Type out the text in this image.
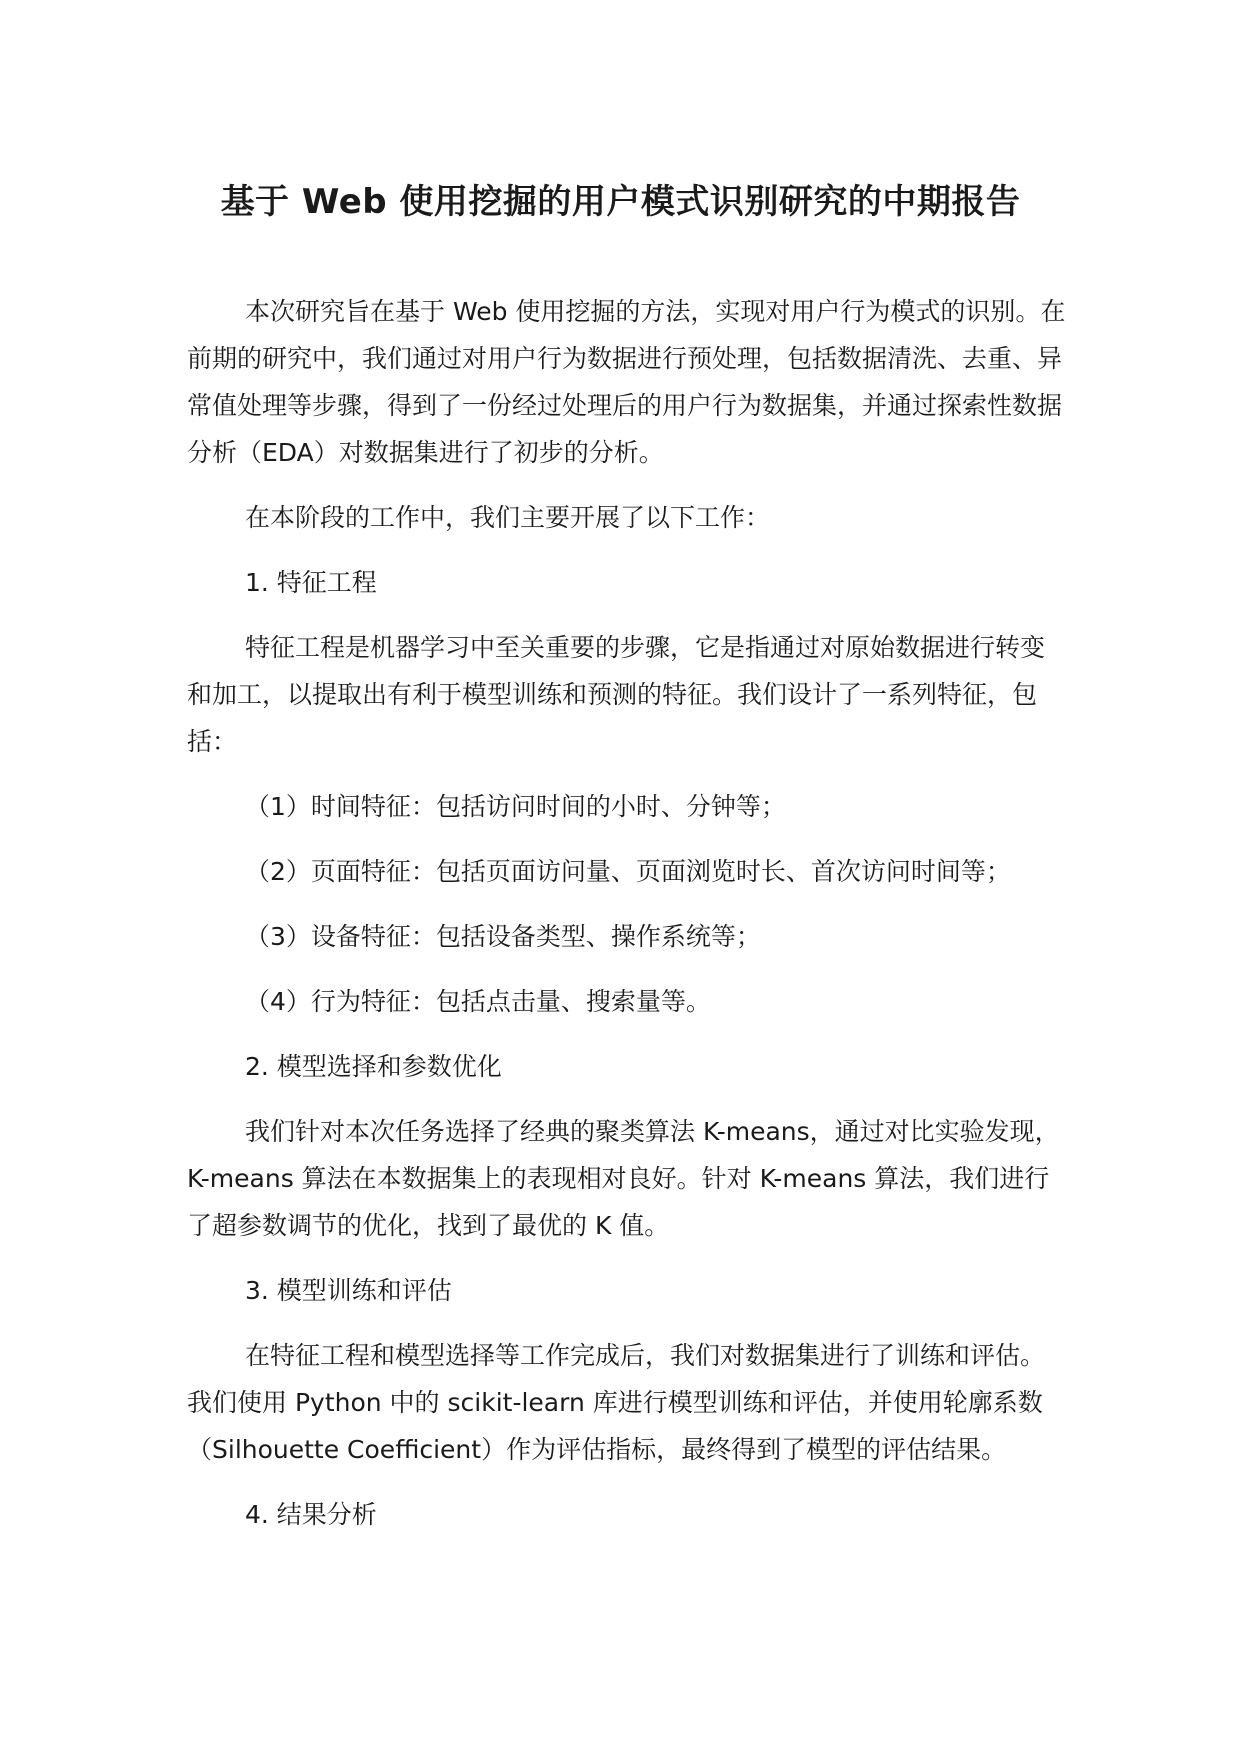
基于 Web 使用挖掘的用户模式识别研究的中期报告

本次研究旨在基于 Web 使用挖掘的方法，实现对用户行为模式的识别。在前期的研究中，我们通过对用户行为数据进行预处理，包括数据清洗、去重、异常值处理等步骤，得到了一份经过处理后的用户行为数据集，并通过探索性数据分析（EDA）对数据集进行了初步的分析。

在本阶段的工作中，我们主要开展了以下工作：

1. 特征工程

特征工程是机器学习中至关重要的步骤，它是指通过对原始数据进行转变和加工，以提取出有利于模型训练和预测的特征。我们设计了一系列特征，包括：

（1）时间特征：包括访问时间的小时、分钟等；

（2）页面特征：包括页面访问量、页面浏览时长、首次访问时间等；

（3）设备特征：包括设备类型、操作系统等；

（4）行为特征：包括点击量、搜索量等。

2. 模型选择和参数优化

我们针对本次任务选择了经典的聚类算法 K-means，通过对比实验发现，K-means 算法在本数据集上的表现相对良好。针对 K-means 算法，我们进行了超参数调节的优化，找到了最优的 K 值。

3. 模型训练和评估

在特征工程和模型选择等工作完成后，我们对数据集进行了训练和评估。我们使用 Python 中的 scikit-learn 库进行模型训练和评估，并使用轮廓系数（Silhouette Coefficient）作为评估指标，最终得到了模型的评估结果。

4. 结果分析
